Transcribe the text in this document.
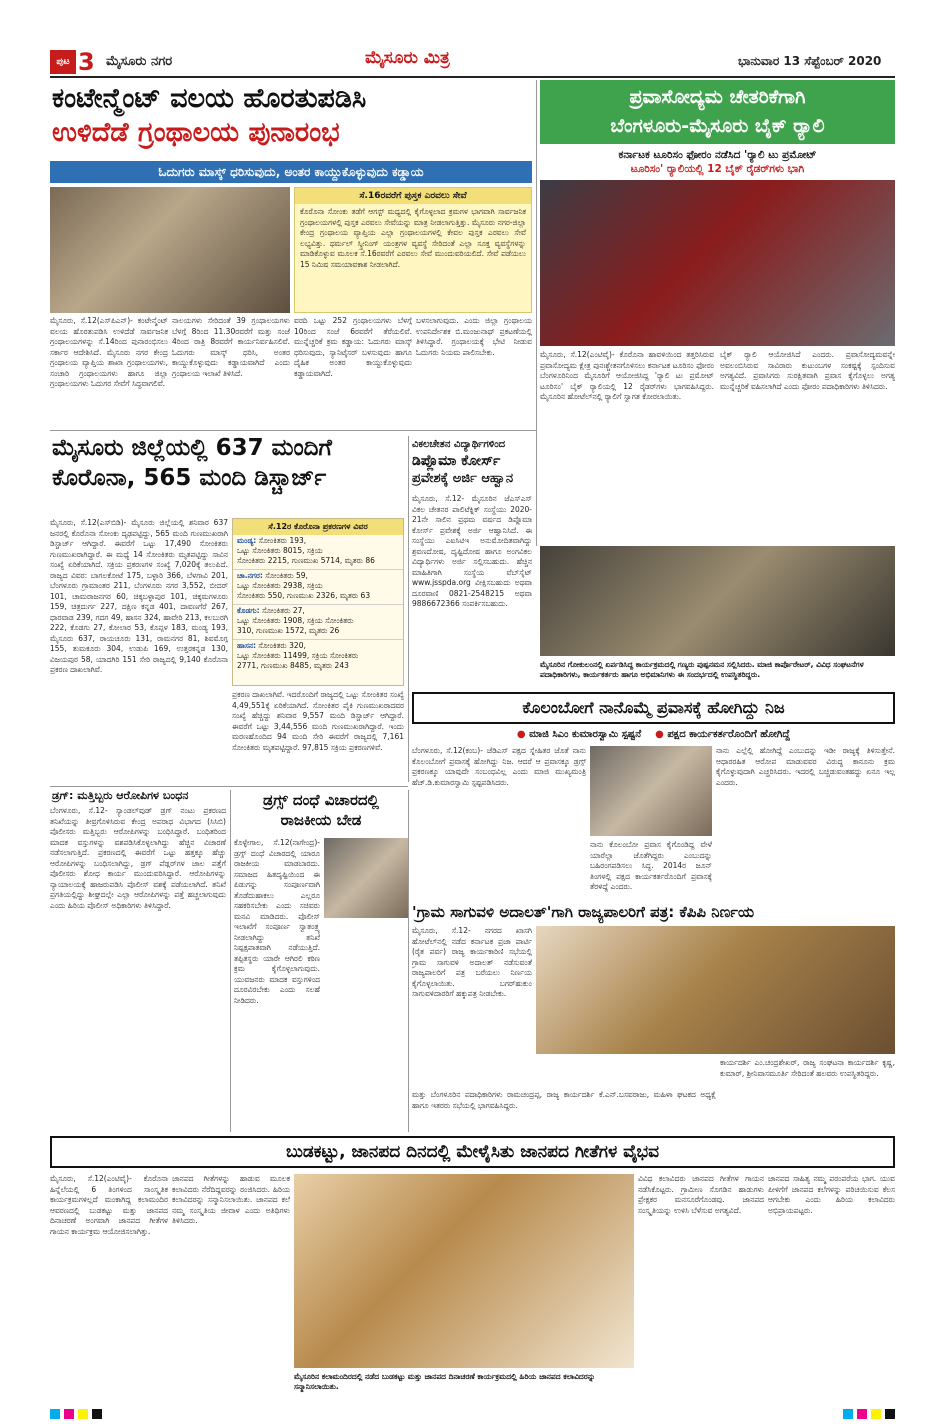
ಪುಟ 3 ಮೈಸೂರು ನಗರ	ಮೈಸೂರು ಮಿತ್ರ	ಭಾನುವಾರ 13 ಸೆಪ್ಟೆಂಬರ್ 2020
ಕಂಟೇನ್ಮೆಂಟ್ ವಲಯ ಹೊರತುಪಡಿಸಿ
ಉಳಿದೆಡೆ ಗ್ರಂಥಾಲಯ ಪುನಾರಂಭ
ಓದುಗರು ಮಾಸ್ಕ್ ಧರಿಸುವುದು, ಅಂತರ ಕಾಯ್ದುಕೊಳ್ಳುವುದು ಕಡ್ಡಾಯ
ಸೆ.16ರವರೆಗೆ ಪುಸ್ತಕ ಎರವಲು ಸೇವೆ
ಕೊರೊನಾ ಸೋಂಕು ತಡೆಗೆ ಆಗಸ್ಟ್ ಮಧ್ಯದಲ್ಲಿ ಕೈಗೊಳ್ಳಲಾದ ಕ್ರಮಗಳ ಭಾಗವಾಗಿ ಸಾರ್ವಜನಿಕ ಗ್ರಂಥಾಲಯಗಳಲ್ಲಿ ಪುಸ್ತಕ ಎರವಲು ಸೇವೆಯನ್ನು ಮಾತ್ರ ನೀಡಲಾಗುತ್ತಿತ್ತು. ಮೈಸೂರು ನಗರ-ಜಿಲ್ಲಾ ಕೇಂದ್ರ ಗ್ರಂಥಾಲಯ ವ್ಯಾಪ್ತಿಯ ಎಲ್ಲಾ ಗ್ರಂಥಾಲಯಗಳಲ್ಲಿ ಕೇವಲ ಪುಸ್ತಕ ಎರವಲು ಸೇವೆ ಲಭ್ಯವಿತ್ತು. ಥರ್ಮಲ್ ಸ್ಕ್ರೀನಿಂಗ್ ಯಂತ್ರಗಳ ವ್ಯವಸ್ಥೆ ಸೇರಿದಂತೆ ಎಲ್ಲಾ ಸೂಕ್ತ ವ್ಯವಸ್ಥೆಗಳನ್ನು ಮಾಡಿಕೊಳ್ಳುವ ಮೂಲಕ ಸೆ.16ರವರೆಗೆ ಎರವಲು ಸೇವೆ ಮುಂದುವರಿಯಲಿದೆ. ಸೇವೆ ಪಡೆಯಲು 15 ನಿಮಿಷ ಸಮಯಾವಕಾಶ ನೀಡಲಾಗಿದೆ.
ಮೈಸೂರು, ಸೆ.12(ಎಸ್‌ಪಿಎನ್)- ಕಂಟೇನ್ಮೆಂಟ್ ವಲಯ ಹೊರತುಪಡಿಸಿ ಉಳಿದೆಡೆ ಸಾರ್ವಜನಿಕ ಗ್ರಂಥಾಲಯಗಳನ್ನು ಸೆ.14ರಿಂದ ಪುನಾರಂಭಿಸಲು ಸರ್ಕಾರ ಆದೇಶಿಸಿದೆ. ಮೈಸೂರು ನಗರ ಕೇಂದ್ರ ಗ್ರಂಥಾಲಯ ವ್ಯಾಪ್ತಿಯ ಶಾಖಾ ಗ್ರಂಥಾಲಯಗಳು, ಸಂಚಾರಿ ಗ್ರಂಥಾಲಯಗಳು ಹಾಗೂ ಜಿಲ್ಲಾ ಗ್ರಂಥಾಲಯಗಳು ಓದುಗರ ಸೇವೆಗೆ ಸಿದ್ಧವಾಗಲಿವೆ.
ನಾಲಯಗಳು ಸೇರಿದಂತೆ 39 ಗ್ರಂಥಾಲಯಗಳು ಬೆಳಗ್ಗೆ 8ರಿಂದ 11.30ರವರೆಗೆ ಮತ್ತು ಸಂಜೆ 4ರಿಂದ ರಾತ್ರಿ 8ರವರೆಗೆ ಕಾರ್ಯನಿರ್ವಹಿಸಲಿವೆ. ಓದುಗರು ಮಾಸ್ಕ್ ಧರಿಸಿ, ಅಂತರ ಕಾಯ್ದುಕೊಳ್ಳುವುದು ಕಡ್ಡಾಯವಾಗಿದೆ ಎಂದು ಗ್ರಂಥಾಲಯ ಇಲಾಖೆ ತಿಳಿಸಿದೆ.
ವರದಿ ಒಟ್ಟು 252 ಗ್ರಂಥಾಲಯಗಳು ಬೆಳಗ್ಗೆ 10ರಿಂದ ಸಂಜೆ 6ರವರೆಗೆ ತೆರೆಯಲಿವೆ. ಮುನ್ನೆಚ್ಚರಿಕೆ ಕ್ರಮ ಕಡ್ಡಾಯ: ಓದುಗರು ಮಾಸ್ಕ್ ಧರಿಸುವುದು, ಸ್ಯಾನಿಟೈಸರ್ ಬಳಸುವುದು ಹಾಗೂ ದೈಹಿಕ ಅಂತರ ಕಾಯ್ದುಕೊಳ್ಳುವುದು ಕಡ್ಡಾಯವಾಗಿದೆ.
ಬಳಸಲಾಗುವುದು. ಎಂದು ಜಿಲ್ಲಾ ಗ್ರಂಥಾಲಯ ಉಪನಿರ್ದೇಶಕ ಬಿ.ಮಂಜುನಾಥ್ ಪ್ರಕಟಣೆಯಲ್ಲಿ ತಿಳಿಸಿದ್ದಾರೆ. ಗ್ರಂಥಾಲಯಕ್ಕೆ ಭೇಟಿ ನೀಡುವ ಓದುಗರು ನಿಯಮ ಪಾಲಿಸಬೇಕು.
ಪ್ರವಾಸೋದ್ಯಮ ಚೇತರಿಕೆಗಾಗಿ
ಬೆಂಗಳೂರು-ಮೈಸೂರು ಬೈಕ್ ರ‍್ಯಾಲಿ
ಕರ್ನಾಟಕ ಟೂರಿಸಂ ಫೋರಂ ನಡೆಸಿದ 'ರ‍್ಯಾಲಿ ಟು ಪ್ರಮೋಟ್
ಟೂರಿಸಂ' ರ‍್ಯಾಲಿಯಲ್ಲಿ 12 ಬೈಕ್ ರೈಡರ್‌ಗಳು ಭಾಗಿ
ಮೈಸೂರು, ಸೆ.12(ಎಂಟಿವೈ)- ಕೊರೊನಾ ಹಾವಳಿಯಿಂದ ತತ್ತರಿಸಿರುವ ಪ್ರವಾಸೋದ್ಯಮ ಕ್ಷೇತ್ರ ಪುನಃಶ್ಚೇತನಗೊಳಿಸಲು ಕರ್ನಾಟಕ ಟೂರಿಸಂ ಫೋರಂ ಬೆಂಗಳೂರಿನಿಂದ ಮೈಸೂರಿಗೆ ಆಯೋಜಿಸಿದ್ದ 'ರ‍್ಯಾಲಿ ಟು ಪ್ರಮೋಟ್ ಟೂರಿಸಂ' ಬೈಕ್ ರ‍್ಯಾಲಿಯಲ್ಲಿ 12 ರೈಡರ್‌ಗಳು ಭಾಗವಹಿಸಿದ್ದರು. ಮೈಸೂರಿನ ಹೋಟೆಲ್‌ನಲ್ಲಿ ರ‍್ಯಾಲಿಗೆ ಸ್ವಾಗತ ಕೋರಲಾಯಿತು.
ಬೈಕ್ ರ‍್ಯಾಲಿ ಆಯೋಜಿಸಿದೆ ಎಂದರು. ಪ್ರವಾಸೋದ್ಯಮವನ್ನೇ ಅವಲಂಬಿಸಿರುವ ಸಾವಿರಾರು ಕುಟುಂಬಗಳ ಸಂಕಷ್ಟಕ್ಕೆ ಸ್ಪಂದಿಸುವ ಅಗತ್ಯವಿದೆ. ಪ್ರವಾಸಿಗರು ಸುರಕ್ಷಿತವಾಗಿ ಪ್ರವಾಸ ಕೈಗೊಳ್ಳಲು ಅಗತ್ಯ ಮುನ್ನೆಚ್ಚರಿಕೆ ವಹಿಸಲಾಗಿದೆ ಎಂದು ಫೋರಂ ಪದಾಧಿಕಾರಿಗಳು ತಿಳಿಸಿದರು.
ಮೈಸೂರು ಜಿಲ್ಲೆಯಲ್ಲಿ 637 ಮಂದಿಗೆ
ಕೊರೊನಾ, 565 ಮಂದಿ ಡಿಸ್ಚಾರ್ಜ್
ಮೈಸೂರು, ಸೆ.12(ಎಸ್‌ಬಿಡಿ)- ಮೈಸೂರು ಜಿಲ್ಲೆಯಲ್ಲಿ ಶನಿವಾರ 637 ಜನರಲ್ಲಿ ಕೊರೊನಾ ಸೋಂಕು ದೃಢಪಟ್ಟಿದ್ದು, 565 ಮಂದಿ ಗುಣಮುಖರಾಗಿ ಡಿಸ್ಚಾರ್ಜ್ ಆಗಿದ್ದಾರೆ. ಈವರೆಗೆ ಒಟ್ಟು 17,490 ಸೋಂಕಿತರು ಗುಣಮುಖರಾಗಿದ್ದಾರೆ. ಈ ಮಧ್ಯೆ 14 ಸೋಂಕಿತರು ಮೃತಪಟ್ಟಿದ್ದು ಸಾವಿನ ಸಂಖ್ಯೆ ಏರಿಕೆಯಾಗಿದೆ. ಸಕ್ರಿಯ ಪ್ರಕರಣಗಳ ಸಂಖ್ಯೆ 7,020ಕ್ಕೆ ತಲುಪಿದೆ. ರಾಜ್ಯದ ವಿವರ: ಬಾಗಲಕೋಟೆ 175, ಬಳ್ಳಾರಿ 366, ಬೆಳಗಾವಿ 201, ಬೆಂಗಳೂರು ಗ್ರಾಮಾಂತರ 211, ಬೆಂಗಳೂರು ನಗರ 3,552, ಬೀದರ್ 101, ಚಾಮರಾಜನಗರ 60, ಚಿಕ್ಕಬಳ್ಳಾಪುರ 101, ಚಿಕ್ಕಮಗಳೂರು 159, ಚಿತ್ರದುರ್ಗ 227, ದಕ್ಷಿಣ ಕನ್ನಡ 401, ದಾವಣಗೆರೆ 267, ಧಾರವಾಡ 239, ಗದಗ 49, ಹಾಸನ 324, ಹಾವೇರಿ 213, ಕಲಬುರಗಿ 222, ಕೊಡಗು 27, ಕೋಲಾರ 53, ಕೊಪ್ಪಳ 183, ಮಂಡ್ಯ 193, ಮೈಸೂರು 637, ರಾಯಚೂರು 131, ರಾಮನಗರ 81, ಶಿವಮೊಗ್ಗ 155, ತುಮಕೂರು 304, ಉಡುಪಿ 169, ಉತ್ತರಕನ್ನಡ 130, ವಿಜಯಪುರ 58, ಯಾದಗಿರಿ 151 ಸೇರಿ ರಾಜ್ಯದಲ್ಲಿ 9,140 ಕೊರೊನಾ ಪ್ರಕರಣ ದಾಖಲಾಗಿವೆ.
ಸೆ.12ರ ಕೊರೊನಾ ಪ್ರಕರಣಗಳ ವಿವರ
ಮಂಡ್ಯ: ಸೋಂಕಿತರು 193,
ಒಟ್ಟು ಸೋಂಕಿತರು 8015, ಸಕ್ರಿಯ
ಸೋಂಕಿತರು 2215, ಗುಣಮುಖ 5714, ಮೃತರು 86
ಚಾ.ನಗರ: ಸೋಂಕಿತರು 59,
ಒಟ್ಟು ಸೋಂಕಿತರು 2938, ಸಕ್ರಿಯ
ಸೋಂಕಿತರು 550, ಗುಣಮುಖ 2326, ಮೃತರು 63
ಕೊಡಗು: ಸೋಂಕಿತರು 27,
ಒಟ್ಟು ಸೋಂಕಿತರು 1908, ಸಕ್ರಿಯ ಸೋಂಕಿತರು
310, ಗುಣಮುಖ 1572, ಮೃತರು 26
ಹಾಸನ: ಸೋಂಕಿತರು 320,
ಒಟ್ಟು ಸೋಂಕಿತರು 11499, ಸಕ್ರಿಯ ಸೋಂಕಿತರು
2771, ಗುಣಮುಖ 8485, ಮೃತರು 243
ಪ್ರಕರಣ ದಾಖಲಾಗಿವೆ. ಇದರೊಂದಿಗೆ ರಾಜ್ಯದಲ್ಲಿ ಒಟ್ಟು ಸೋಂಕಿತರ ಸಂಖ್ಯೆ 4,49,551ಕ್ಕೆ ಏರಿಕೆಯಾಗಿದೆ. ಸೋಂಕಿತರ ಪೈಕಿ ಗುಣಮುಖರಾದವರ ಸಂಖ್ಯೆ ಹೆಚ್ಚಿದ್ದು ಶನಿವಾರ 9,557 ಮಂದಿ ಡಿಸ್ಚಾರ್ಜ್ ಆಗಿದ್ದಾರೆ. ಈವರೆಗೆ ಒಟ್ಟು 3,44,556 ಮಂದಿ ಗುಣಮುಖರಾಗಿದ್ದಾರೆ. ಇಂದು ಮರಣಹೊಂದಿದ 94 ಮಂದಿ ಸೇರಿ ಈವರೆಗೆ ರಾಜ್ಯದಲ್ಲಿ 7,161 ಸೋಂಕಿತರು ಮೃತಪಟ್ಟಿದ್ದಾರೆ. 97,815 ಸಕ್ರಿಯ ಪ್ರಕರಣಗಳಿವೆ.
ವಿಕಲಚೇತನ ವಿದ್ಯಾರ್ಥಿಗಳಿಂದ
ಡಿಪ್ಲೊಮಾ ಕೋರ್ಸ್
ಪ್ರವೇಶಕ್ಕೆ ಅರ್ಜಿ ಆಹ್ವಾನ
ಮೈಸೂರು, ಸೆ.12- ಮೈಸೂರಿನ ಜೆಎಸ್‌ಎಸ್ ವಿಕಲ ಚೇತನರ ಪಾಲಿಟೆಕ್ನಿಕ್ ಸಂಸ್ಥೆಯು 2020-21ನೇ ಸಾಲಿನ ಪ್ರಥಮ ವರ್ಷದ ಡಿಪ್ಲೊಮಾ ಕೋರ್ಸ್ ಪ್ರವೇಶಕ್ಕೆ ಅರ್ಜಿ ಆಹ್ವಾನಿಸಿದೆ. ಈ ಸಂಸ್ಥೆಯು ಎಐಸಿಟಿಇ ಅನುಮೋದಿತವಾಗಿದ್ದು ಶ್ರವಣದೋಷ, ದೃಷ್ಟಿದೋಷ ಹಾಗೂ ಅಂಗವಿಕಲ ವಿದ್ಯಾರ್ಥಿಗಳು ಅರ್ಜಿ ಸಲ್ಲಿಸಬಹುದು. ಹೆಚ್ಚಿನ ಮಾಹಿತಿಗಾಗಿ ಸಂಸ್ಥೆಯ ವೆಬ್‌ಸೈಟ್ www.jsspda.org ವೀಕ್ಷಿಸಬಹುದು ಅಥವಾ ದೂರವಾಣಿ 0821-2548215 ಅಥವಾ 9886672366 ಸಂಪರ್ಕಿಸಬಹುದು.
ಮೈಸೂರಿನ ಗೋಕುಲಂನಲ್ಲಿ ಏರ್ಪಡಿಸಿದ್ದ ಕಾರ್ಯಕ್ರಮದಲ್ಲಿ ಗಣ್ಯರು ಪುಷ್ಪನಮನ ಸಲ್ಲಿಸಿದರು. ಮಾಜಿ ಕಾರ್ಪೊರೇಟರ್, ವಿವಿಧ ಸಂಘಟನೆಗಳ ಪದಾಧಿಕಾರಿಗಳು, ಕಾರ್ಯಕರ್ತರು ಹಾಗೂ ಅಭಿಮಾನಿಗಳು ಈ ಸಂದರ್ಭದಲ್ಲಿ ಉಪಸ್ಥಿತರಿದ್ದರು.
ಕೊಲಂಬೋಗೆ ನಾನೊಮ್ಮೆ ಪ್ರವಾಸಕ್ಕೆ ಹೋಗಿದ್ದು ನಿಜ
● ಮಾಜಿ ಸಿಎಂ ಕುಮಾರಸ್ವಾಮಿ ಸ್ಪಷ್ಟನೆ ● ಪಕ್ಷದ ಕಾರ್ಯಕರ್ತರೊಂದಿಗೆ ಹೋಗಿದ್ದೆ
ಬೆಂಗಳೂರು, ಸೆ.12(ಕಂಬ)- ಜೆಡಿಎಸ್ ಪಕ್ಷದ ಸ್ನೇಹಿತರ ಜೊತೆ ನಾನು ಕೊಲಂಬೋಗೆ ಪ್ರವಾಸಕ್ಕೆ ಹೋಗಿದ್ದು ನಿಜ. ಆದರೆ ಆ ಪ್ರವಾಸಕ್ಕೂ ಡ್ರಗ್ಸ್ ಪ್ರಕರಣಕ್ಕೂ ಯಾವುದೇ ಸಂಬಂಧವಿಲ್ಲ ಎಂದು ಮಾಜಿ ಮುಖ್ಯಮಂತ್ರಿ ಹೆಚ್.ಡಿ.ಕುಮಾರಸ್ವಾಮಿ ಸ್ಪಷ್ಟಪಡಿಸಿದರು.
ನಾನು ಕೊಲಂಬೋ ಪ್ರವಾಸ ಕೈಗೊಂಡಿದ್ದ ವೇಳೆ ಯಾರೆಲ್ಲಾ ಜೊತೆಗಿದ್ದರು ಎಂಬುದನ್ನು ಬಹಿರಂಗಪಡಿಸಲು ಸಿದ್ಧ. 2014ರ ಜೂನ್ ತಿಂಗಳಲ್ಲಿ ಪಕ್ಷದ ಕಾರ್ಯಕರ್ತರೊಂದಿಗೆ ಪ್ರವಾಸಕ್ಕೆ ತೆರಳಿದ್ದೆ ಎಂದರು.
ನಾನು ಎಲ್ಲೆಲ್ಲಿ ಹೋಗಿದ್ದೆ ಎಂಬುದನ್ನು ಇಡೀ ರಾಜ್ಯಕ್ಕೆ ತಿಳಿಸುತ್ತೇನೆ. ಆಧಾರರಹಿತ ಆರೋಪ ಮಾಡುವವರ ವಿರುದ್ಧ ಕಾನೂನು ಕ್ರಮ ಕೈಗೊಳ್ಳುವುದಾಗಿ ಎಚ್ಚರಿಸಿದರು. ಇದರಲ್ಲಿ ಬಚ್ಚಿಡುವಂತಹದ್ದು ಏನೂ ಇಲ್ಲ ಎಂದರು.
ಡ್ರಗ್: ಮತ್ತಿಬ್ಬರು ಆರೋಪಿಗಳ ಬಂಧನ
ಬೆಂಗಳೂರು, ಸೆ.12- ಸ್ಯಾಂಡಲ್‌ವುಡ್ ಡ್ರಗ್ ನಂಟು ಪ್ರಕರಣದ ತನಿಖೆಯನ್ನು ತೀವ್ರಗೊಳಿಸಿರುವ ಕೇಂದ್ರ ಅಪರಾಧ ವಿಭಾಗದ (ಸಿಸಿಬಿ) ಪೊಲೀಸರು ಮತ್ತಿಬ್ಬರು ಆರೋಪಿಗಳನ್ನು ಬಂಧಿಸಿದ್ದಾರೆ. ಬಂಧಿತರಿಂದ ಮಾದಕ ವಸ್ತುಗಳನ್ನು ವಶಪಡಿಸಿಕೊಳ್ಳಲಾಗಿದ್ದು ಹೆಚ್ಚಿನ ವಿಚಾರಣೆ ನಡೆಸಲಾಗುತ್ತಿದೆ. ಪ್ರಕರಣದಲ್ಲಿ ಈವರೆಗೆ ಒಟ್ಟು ಹತ್ತಕ್ಕೂ ಹೆಚ್ಚು ಆರೋಪಿಗಳನ್ನು ಬಂಧಿಸಲಾಗಿದ್ದು, ಡ್ರಗ್ ಪೆಡ್ಲರ್‌ಗಳ ಜಾಲ ಪತ್ತೆಗೆ ಪೊಲೀಸರು ಶೋಧ ಕಾರ್ಯ ಮುಂದುವರಿಸಿದ್ದಾರೆ. ಆರೋಪಿಗಳನ್ನು ನ್ಯಾಯಾಲಯಕ್ಕೆ ಹಾಜರುಪಡಿಸಿ ಪೊಲೀಸ್ ವಶಕ್ಕೆ ಪಡೆಯಲಾಗಿದೆ. ತನಿಖೆ ಪ್ರಗತಿಯಲ್ಲಿದ್ದು ಶೀಘ್ರದಲ್ಲೇ ಎಲ್ಲಾ ಆರೋಪಿಗಳನ್ನು ಪತ್ತೆ ಹಚ್ಚಲಾಗುವುದು ಎಂದು ಹಿರಿಯ ಪೊಲೀಸ್ ಅಧಿಕಾರಿಗಳು ತಿಳಿಸಿದ್ದಾರೆ.
ಡ್ರಗ್ಸ್ ದಂಧೆ ವಿಚಾರದಲ್ಲಿ
ರಾಜಕೀಯ ಬೇಡ
ಕೊಳ್ಳೇಗಾಲ, ಸೆ.12(ನಾಗೇಂದ್ರ)- ಡ್ರಗ್ಸ್ ದಂಧೆ ವಿಚಾರದಲ್ಲಿ ಯಾರೂ ರಾಜಕೀಯ ಮಾಡಬಾರದು. ಸಮಾಜದ ಹಿತದೃಷ್ಟಿಯಿಂದ ಈ ಪಿಡುಗನ್ನು ಸಂಪೂರ್ಣವಾಗಿ ತೊಡೆದುಹಾಕಲು ಎಲ್ಲರೂ ಸಹಕರಿಸಬೇಕು ಎಂದು ಸಚಿವರು ಮನವಿ ಮಾಡಿದರು. ಪೊಲೀಸ್ ಇಲಾಖೆಗೆ ಸಂಪೂರ್ಣ ಸ್ವಾತಂತ್ರ್ಯ ನೀಡಲಾಗಿದ್ದು ತನಿಖೆ ನಿಷ್ಪಕ್ಷಪಾತವಾಗಿ ನಡೆಯುತ್ತಿದೆ. ತಪ್ಪಿತಸ್ಥರು ಯಾರೇ ಆಗಿರಲಿ ಕಠಿಣ ಕ್ರಮ ಕೈಗೊಳ್ಳಲಾಗುವುದು. ಯುವಜನರು ಮಾದಕ ವಸ್ತುಗಳಿಂದ ದೂರವಿರಬೇಕು ಎಂದು ಸಲಹೆ ನೀಡಿದರು.
'ಗ್ರಾಮ ಸಾಗುವಳಿ ಅದಾಲತ್'ಗಾಗಿ ರಾಜ್ಯಪಾಲರಿಗೆ ಪತ್ರ: ಕೆಪಿಪಿ ನಿರ್ಣಯ
ಮೈಸೂರು, ಸೆ.12- ನಗರದ ಖಾಸಗಿ ಹೋಟೆಲ್‌ನಲ್ಲಿ ನಡೆದ ಕರ್ನಾಟಕ ಪ್ರಜಾ ಪಾರ್ಟಿ (ರೈತ ಪರ್ವ) ರಾಜ್ಯ ಕಾರ್ಯಕಾರಿಣಿ ಸಭೆಯಲ್ಲಿ ಗ್ರಾಮ ಸಾಗುವಳಿ ಅದಾಲತ್ ನಡೆಸುವಂತೆ ರಾಜ್ಯಪಾಲರಿಗೆ ಪತ್ರ ಬರೆಯಲು ನಿರ್ಣಯ ಕೈಗೊಳ್ಳಲಾಯಿತು. ಬಗರ್‌ಹುಕುಂ ಸಾಗುವಳಿದಾರರಿಗೆ ಹಕ್ಕುಪತ್ರ ನೀಡಬೇಕು.
ಮತ್ತು ಬೆಂಗಳೂರಿನ ಪದಾಧಿಕಾರಿಗಳು ರಾಮಚಂದ್ರಪ್ಪ, ರಾಜ್ಯ ಕಾರ್ಯದರ್ಶಿ ಕೆ.ಎನ್.ಬಸವರಾಜು, ಮಹಿಳಾ ಘಟಕದ ಅಧ್ಯಕ್ಷೆ ಹಾಗೂ ಇತರರು ಸಭೆಯಲ್ಲಿ ಭಾಗವಹಿಸಿದ್ದರು.
ಕಾರ್ಯದರ್ಶಿ ಎಂ.ಚಂದ್ರಶೇಖರ್, ರಾಜ್ಯ ಸಂಘಟನಾ ಕಾರ್ಯದರ್ಶಿ ಕೃಷ್ಣ, ಕುಮಾರ್, ಶ್ರೀನಿವಾಸಮೂರ್ತಿ ಸೇರಿದಂತೆ ಹಲವರು ಉಪಸ್ಥಿತರಿದ್ದರು.
ಬುಡಕಟ್ಟು, ಜಾನಪದ ದಿನದಲ್ಲಿ ಮೇಳೈಸಿತು ಜಾನಪದ ಗೀತೆಗಳ ವೈಭವ
ಮೈಸೂರು, ಸೆ.12(ಎಂಟಿವೈ)- ಕೊರೊನಾ ಹಿನ್ನೆಲೆಯಲ್ಲಿ 6 ತಿಂಗಳಿಂದ ಸಾಂಸ್ಕೃತಿಕ ಕಾರ್ಯಕ್ರಮಗಳಿಲ್ಲದೆ ಮಂಕಾಗಿದ್ದ ಕಲಾಮಂದಿರ ಆವರಣದಲ್ಲಿ ಬುಡಕಟ್ಟು ಮತ್ತು ಜಾನಪದ ದಿನಾಚರಣೆ ಅಂಗವಾಗಿ ಜಾನಪದ ಗೀತೆಗಳ ಗಾಯನ ಕಾರ್ಯಕ್ರಮ ಆಯೋಜಿಸಲಾಗಿತ್ತು.
ಜಾನಪದ ಗೀತೆಗಳನ್ನು ಹಾಡುವ ಮೂಲಕ ಕಲಾವಿದರು ನೆರೆದಿದ್ದವರನ್ನು ರಂಜಿಸಿದರು. ಹಿರಿಯ ಕಲಾವಿದರನ್ನು ಸನ್ಮಾನಿಸಲಾಯಿತು. ಜಾನಪದ ಕಲೆ ನಮ್ಮ ಸಂಸ್ಕೃತಿಯ ಜೀವಾಳ ಎಂದು ಅತಿಥಿಗಳು ತಿಳಿಸಿದರು.
ಮೈಸೂರಿನ ಕಲಾಮಂದಿರದಲ್ಲಿ ನಡೆದ ಬುಡಕಟ್ಟು ಮತ್ತು ಜಾನಪದ ದಿನಾಚರಣೆ ಕಾರ್ಯಕ್ರಮದಲ್ಲಿ ಹಿರಿಯ ಜಾನಪದ ಕಲಾವಿದರನ್ನು ಸನ್ಮಾನಿಸಲಾಯಿತು.
ವಿವಿಧ ಕಲಾವಿದರು ಜಾನಪದ ಗೀತೆಗಳ ಗಾಯನ ನಡೆಸಿಕೊಟ್ಟರು. ಗ್ರಾಮೀಣ ಸೊಗಡಿನ ಹಾಡುಗಳು ಪ್ರೇಕ್ಷಕರ ಮನಸೂರೆಗೊಂಡವು. ಜಾನಪದ ಸಂಸ್ಕೃತಿಯನ್ನು ಉಳಿಸಿ ಬೆಳೆಸುವ ಅಗತ್ಯವಿದೆ.
ಜಾನಪದ ಸಾಹಿತ್ಯ ನಮ್ಮ ಪರಂಪರೆಯ ಭಾಗ. ಯುವ ಪೀಳಿಗೆಗೆ ಜಾನಪದ ಕಲೆಗಳನ್ನು ಪರಿಚಯಿಸುವ ಕೆಲಸ ಆಗಬೇಕು ಎಂದು ಹಿರಿಯ ಕಲಾವಿದರು ಅಭಿಪ್ರಾಯಪಟ್ಟರು.
